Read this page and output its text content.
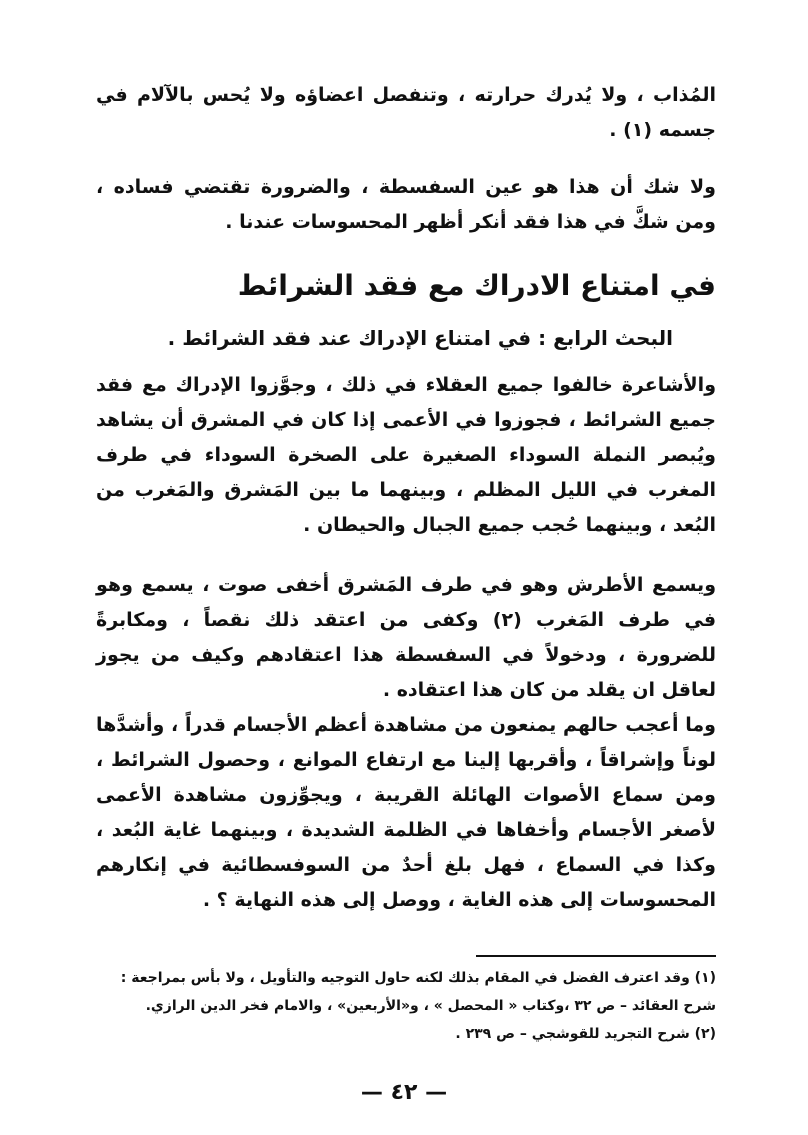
المُذاب ، ولا يُدرك حرارته ، وتنفصل اعضاؤه ولا يُحس بالآلام في جسمه (١) .
ولا شك أن هذا هو عين السفسطة ، والضرورة تقتضي فساده ، ومن شكَّ في هذا فقد أنكر أظهر المحسوسات عندنا .
في امتناع الادراك مع فقد الشرائط
البحث الرابع : في امتناع الإدراك عند فقد الشرائط .
والأشاعرة خالفوا جميع العقلاء في ذلك ، وجوَّزوا الإدراك مع فقد جميع الشرائط ، فجوزوا في الأعمى إذا كان في المشرق أن يشاهد ويُبصر النملة السوداء الصغيرة على الصخرة السوداء في طرف المغرب في الليل المظلم ، وبينهما ما بين المَشرق والمَغرب من البُعد ، وبينهما حُجب جميع الجبال والحيطان .
ويسمع الأطرش وهو في طرف المَشرق أخفى صوت ، يسمع وهو في طرف المَغرب (٢) وكفى من اعتقد ذلك نقصاً ، ومكابرةً للضرورة ، ودخولاً في السفسطة هذا اعتقادهم وكيف من يجوز لعاقل ان يقلد من كان هذا اعتقاده .
وما أعجب حالهم يمنعون من مشاهدة أعظم الأجسام قدراً ، وأشدَّها لوناً وإشراقاً ، وأقربها إلينا مع ارتفاع الموانع ، وحصول الشرائط ، ومن سماع الأصوات الهائلة القريبة ، ويجوِّزون مشاهدة الأعمى لأصغر الأجسام وأخفاها في الظلمة الشديدة ، وبينهما غاية البُعد ، وكذا في السماع ، فهل بلغ أحدٌ من السوفسطائية في إنكارهم المحسوسات إلى هذه الغاية ، ووصل إلى هذه النهاية ؟ .
(١) وقد اعترف الفضل في المقام بذلك لكنه حاول التوجيه والتأويل ، ولا بأس بمراجعة :
شرح العقائد – ص ٣٢ ،وكتاب « المحصل » ، و«الأربعين» ، والامام فخر الدين الرازي.
(٢) شرح التجريد للقوشجي – ص ٢٣٩ .
— ٤٢ —
